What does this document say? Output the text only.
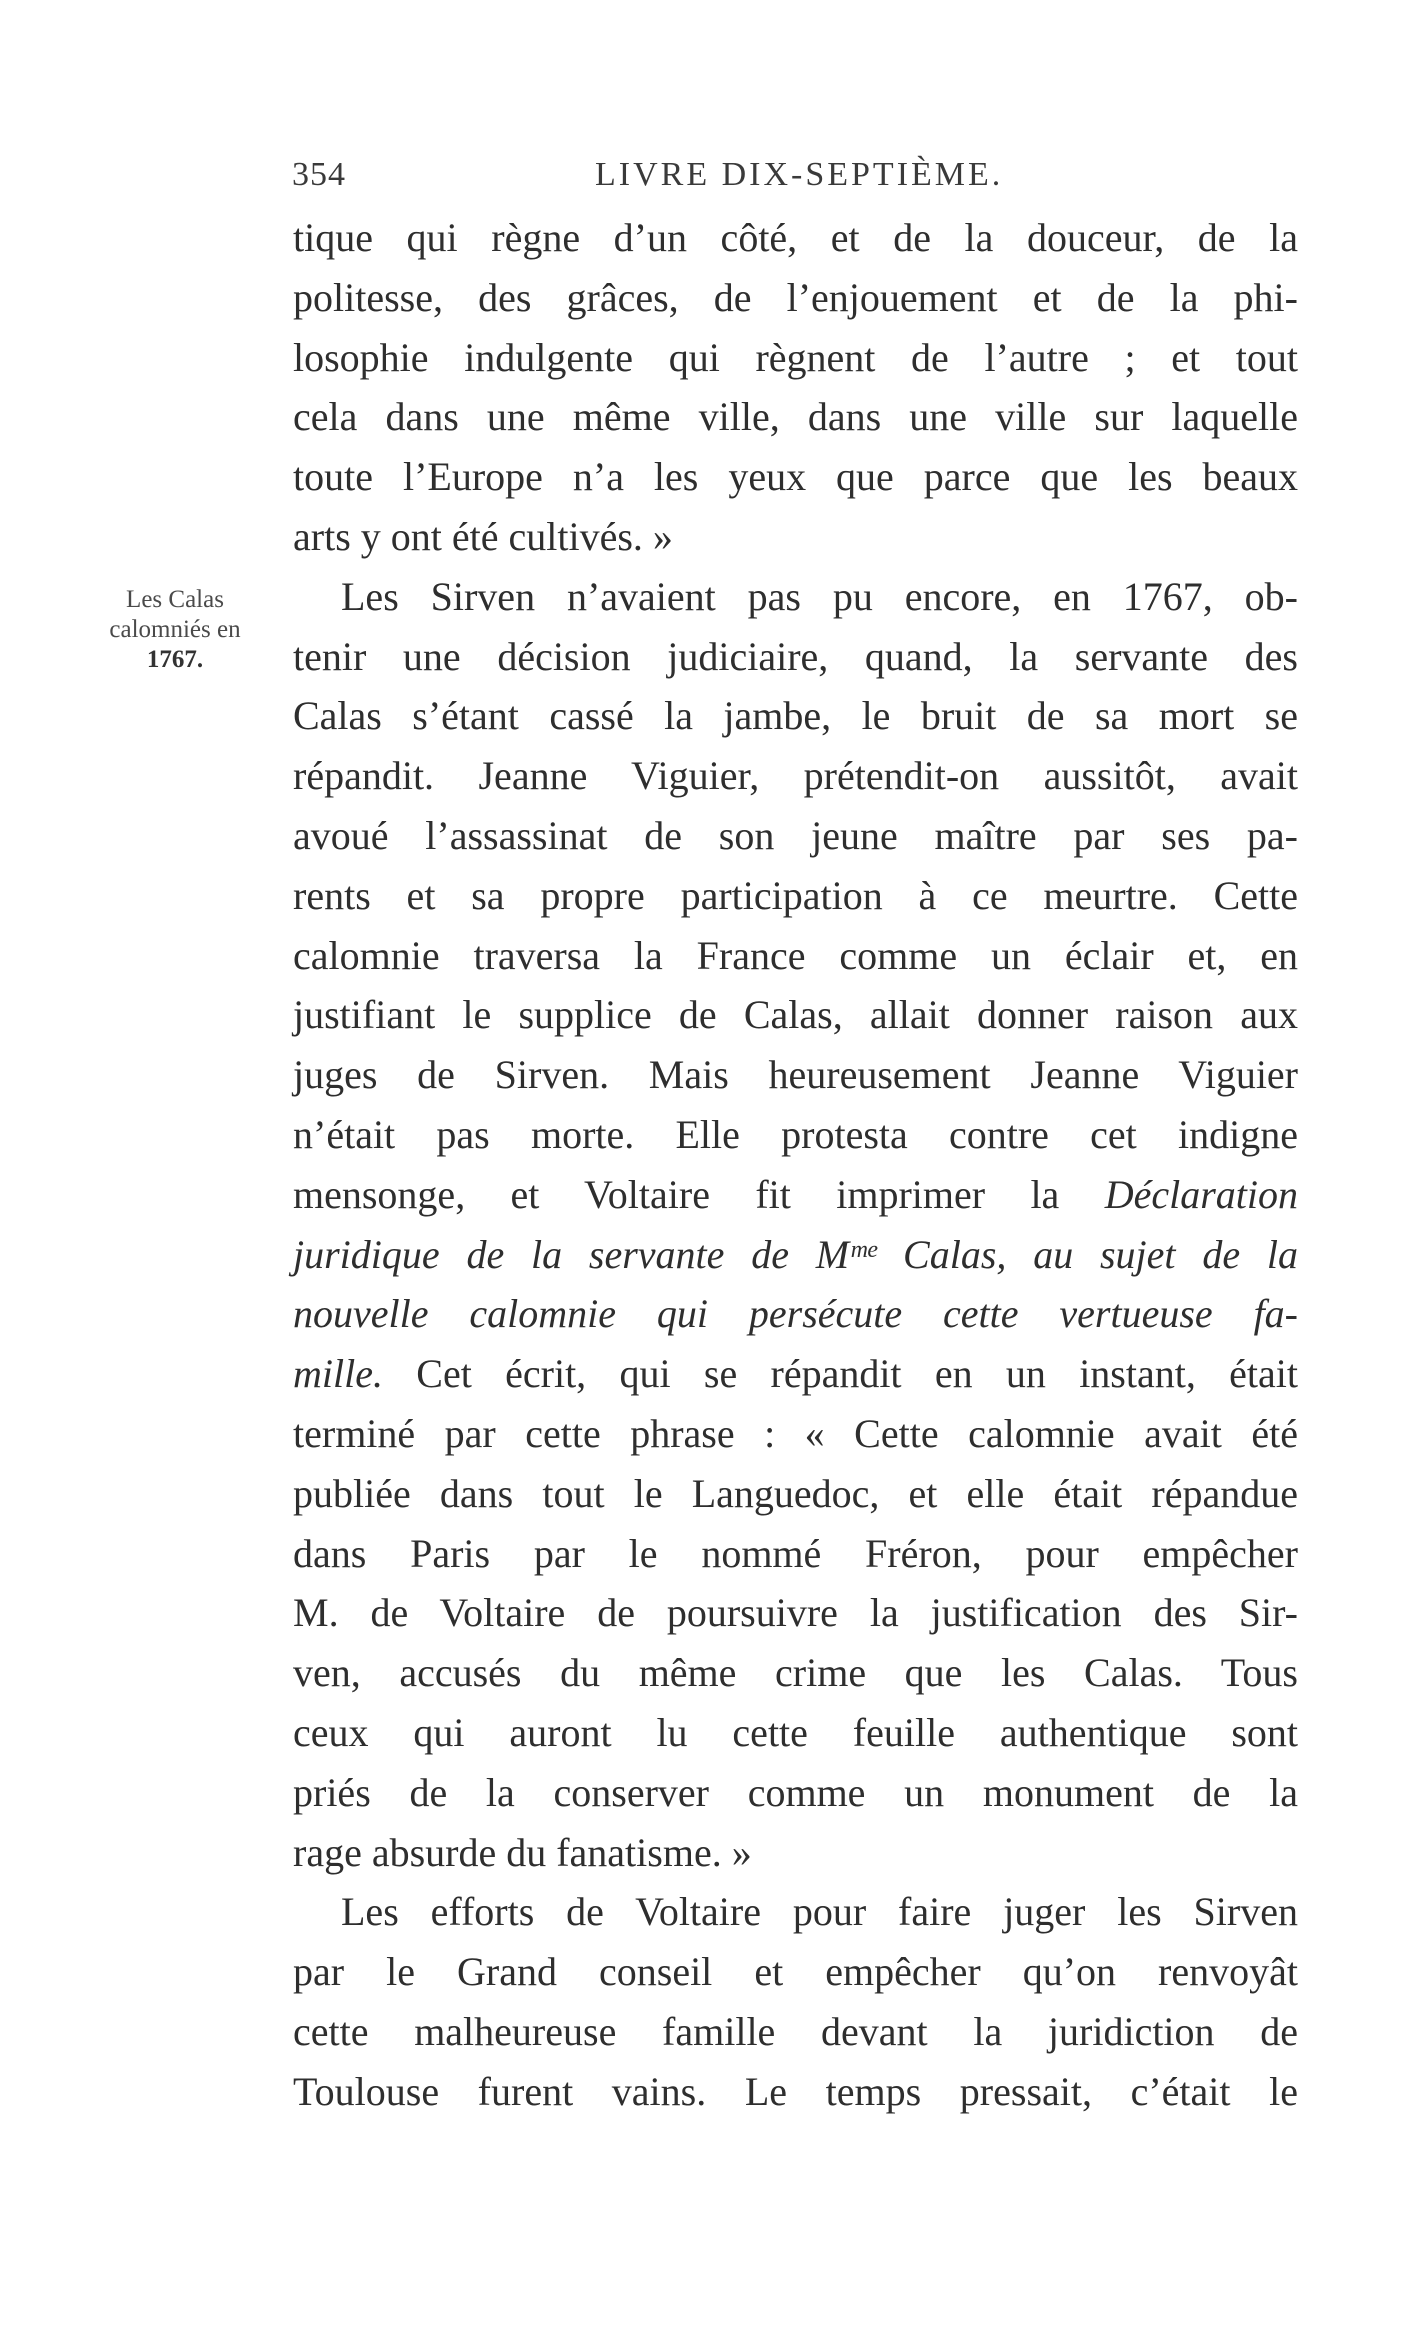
354	LIVRE DIX-SEPTIÈME.
Les Calas
calomniés en
1767.
tique qui règne d’un côté, et de la douceur, de la
politesse, des grâces, de l’enjouement et de la phi-
losophie indulgente qui règnent de l’autre ; et tout
cela dans une même ville, dans une ville sur laquelle
toute l’Europe n’a les yeux que parce que les beaux
arts y ont été cultivés. »
Les Sirven n’avaient pas pu encore, en 1767, ob-
tenir une décision judiciaire, quand, la servante des
Calas s’étant cassé la jambe, le bruit de sa mort se
répandit. Jeanne Viguier, prétendit-on aussitôt, avait
avoué l’assassinat de son jeune maître par ses pa-
rents et sa propre participation à ce meurtre. Cette
calomnie traversa la France comme un éclair et, en
justifiant le supplice de Calas, allait donner raison aux
juges de Sirven. Mais heureusement Jeanne Viguier
n’était pas morte. Elle protesta contre cet indigne
mensonge, et Voltaire fit imprimer la Déclaration
juridique de la servante de Mᵐᵉ Calas, au sujet de la
nouvelle calomnie qui persécute cette vertueuse fa-
mille. Cet écrit, qui se répandit en un instant, était
terminé par cette phrase : « Cette calomnie avait été
publiée dans tout le Languedoc, et elle était répandue
dans Paris par le nommé Fréron, pour empêcher
M. de Voltaire de poursuivre la justification des Sir-
ven, accusés du même crime que les Calas. Tous
ceux qui auront lu cette feuille authentique sont
priés de la conserver comme un monument de la
rage absurde du fanatisme. »
Les efforts de Voltaire pour faire juger les Sirven
par le Grand conseil et empêcher qu’on renvoyât
cette malheureuse famille devant la juridiction de
Toulouse furent vains. Le temps pressait, c’était le
